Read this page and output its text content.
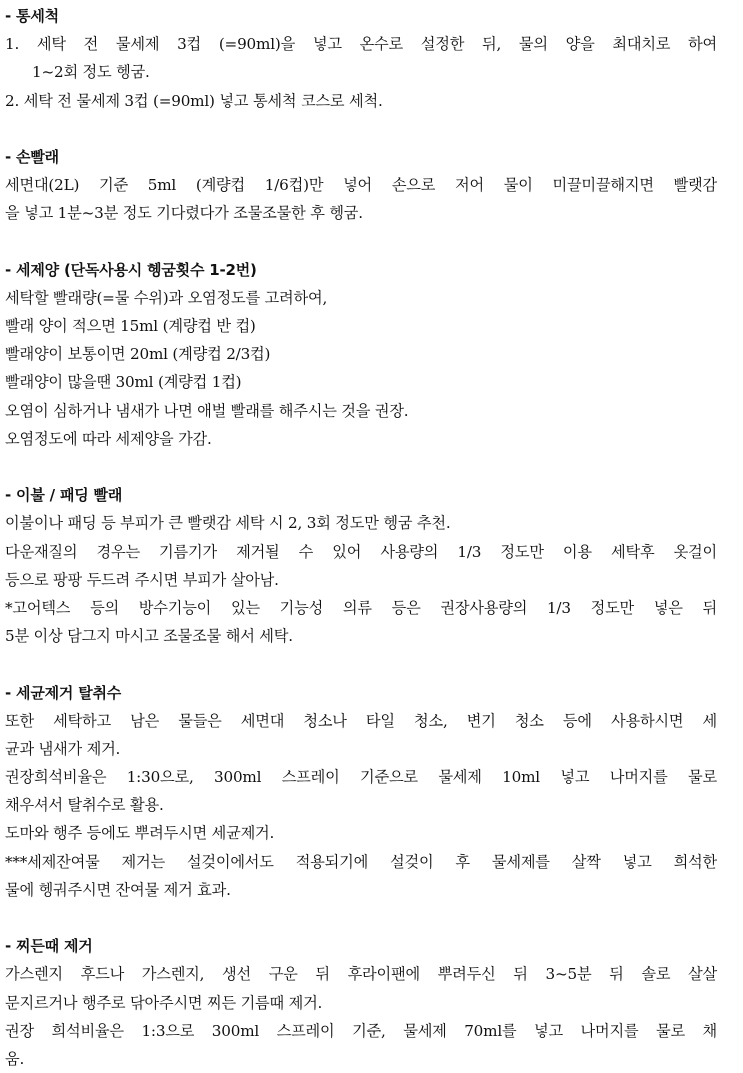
- 통세척
1. 세탁 전 물세제 3컵 (=90ml)을 넣고 온수로 설정한 뒤, 물의 양을 최대치로 하여
1~2회 정도 헹굼.
2. 세탁 전 물세제 3컵 (=90ml) 넣고 통세척 코스로 세척.
- 손빨래
세면대(2L) 기준 5ml (계량컵 1/6컵)만 넣어 손으로 저어 물이 미끌미끌해지면 빨랫감
을 넣고 1분~3분 정도 기다렸다가 조물조물한 후 헹굼.
- 세제양 (단독사용시 헹굼횟수 1-2번)
세탁할 빨래량(=물 수위)과 오염정도를 고려하여,
빨래 양이 적으면 15ml (계량컵 반 컵)
빨래양이 보통이면 20ml (계량컵 2/3컵)
빨래양이 많을땐 30ml (계량컵 1컵)
오염이 심하거나 냄새가 나면 애벌 빨래를 해주시는 것을 권장.
오염정도에 따라 세제양을 가감.
- 이불 / 패딩 빨래
이불이나 패딩 등 부피가 큰 빨랫감 세탁 시 2, 3회 정도만 헹굼 추천.
다운재질의 경우는 기름기가 제거될 수 있어 사용량의 1/3 정도만 이용 세탁후 옷걸이
등으로 팡팡 두드려 주시면 부피가 살아남.
*고어텍스 등의 방수기능이 있는 기능성 의류 등은 권장사용량의 1/3 정도만 넣은 뒤
5분 이상 담그지 마시고 조물조물 해서 세탁.
- 세균제거 탈취수
또한 세탁하고 남은 물들은 세면대 청소나 타일 청소, 변기 청소 등에 사용하시면 세
균과 냄새가 제거.
권장희석비율은 1:30으로, 300ml 스프레이 기준으로 물세제 10ml 넣고 나머지를 물로
채우셔서 탈취수로 활용.
도마와 행주 등에도 뿌려두시면 세균제거.
***세제잔여물 제거는 설겆이에서도 적용되기에 설겆이 후 물세제를 살짝 넣고 희석한
물에 헹궈주시면 잔여물 제거 효과.
- 찌든때 제거
가스렌지 후드나 가스렌지, 생선 구운 뒤 후라이팬에 뿌려두신 뒤 3~5분 뒤 솔로 살살
문지르거나 행주로 닦아주시면 찌든 기름때 제거.
권장 희석비율은 1:3으로 300ml 스프레이 기준, 물세제 70ml를 넣고 나머지를 물로 채
움.
